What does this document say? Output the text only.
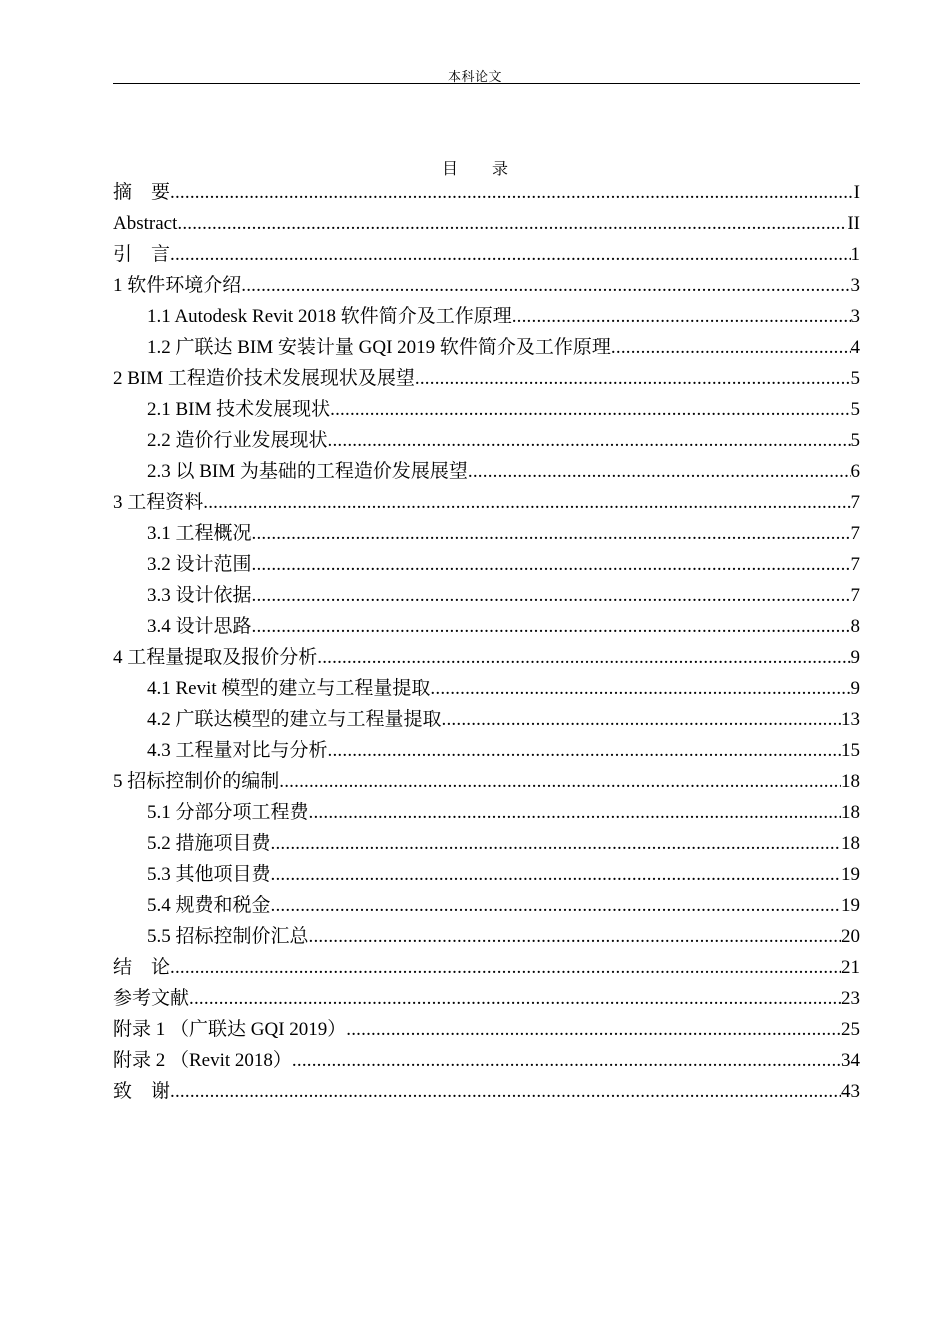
本科论文
目 录
摘　要 .....	I
Abstract .....	II
引　言 .....	1
1 软件环境介绍 .....	3
1.1 Autodesk Revit 2018 软件简介及工作原理 .....	3
1.2 广联达 BIM 安装计量 GQI 2019 软件简介及工作原理 .....	4
2 BIM 工程造价技术发展现状及展望 .....	5
2.1 BIM 技术发展现状 .....	5
2.2 造价行业发展现状 .....	5
2.3 以 BIM 为基础的工程造价发展展望 .....	6
3 工程资料 .....	7
3.1 工程概况 .....	7
3.2 设计范围 .....	7
3.3 设计依据 .....	7
3.4 设计思路 .....	8
4 工程量提取及报价分析 .....	9
4.1 Revit 模型的建立与工程量提取 .....	9
4.2 广联达模型的建立与工程量提取 .....	13
4.3 工程量对比与分析 .....	15
5 招标控制价的编制 .....	18
5.1 分部分项工程费 .....	18
5.2 措施项目费 .....	18
5.3 其他项目费 .....	19
5.4 规费和税金 .....	19
5.5 招标控制价汇总 .....	20
结　论 .....	21
参考文献 .....	23
附录 1 （广联达 GQI 2019） .....	25
附录 2 （Revit 2018） .....	34
致　谢 .....	43
